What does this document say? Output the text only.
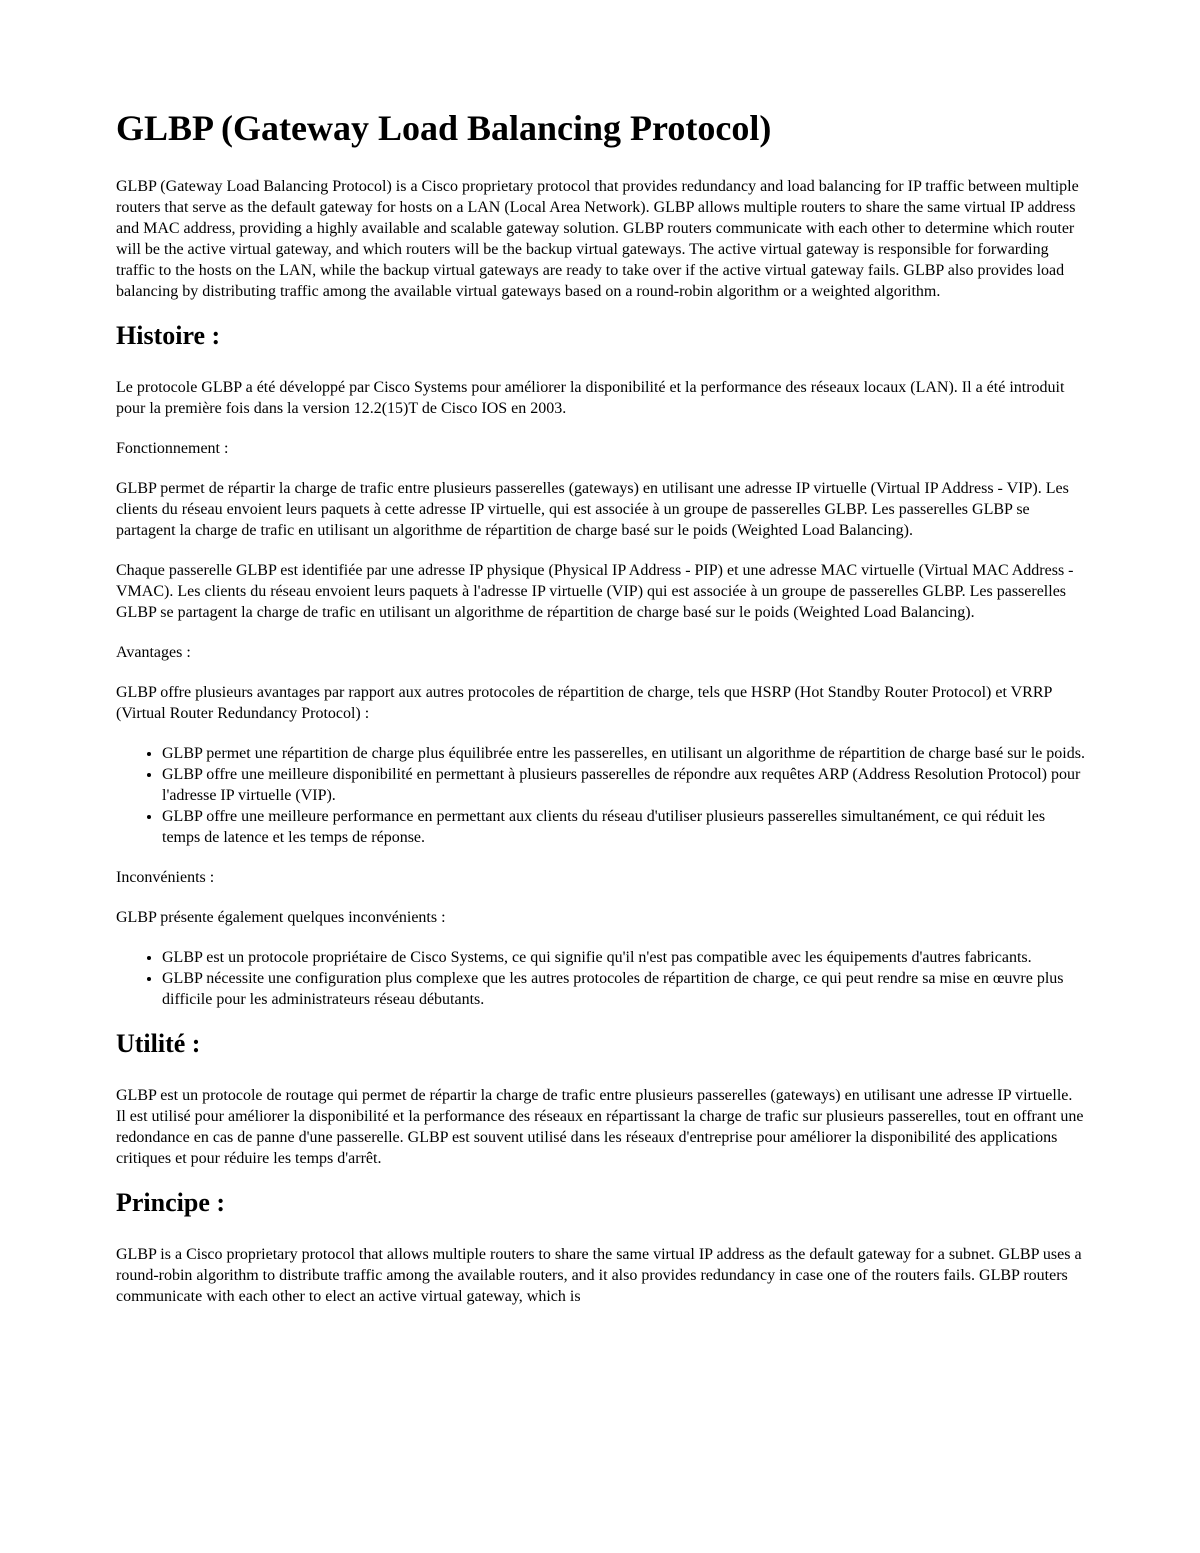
GLBP (Gateway Load Balancing Protocol)

GLBP (Gateway Load Balancing Protocol) is a Cisco proprietary protocol that provides redundancy and load balancing for IP traffic between multiple routers that serve as the default gateway for hosts on a LAN (Local Area Network). GLBP allows multiple routers to share the same virtual IP address and MAC address, providing a highly available and scalable gateway solution. GLBP routers communicate with each other to determine which router will be the active virtual gateway, and which routers will be the backup virtual gateways. The active virtual gateway is responsible for forwarding traffic to the hosts on the LAN, while the backup virtual gateways are ready to take over if the active virtual gateway fails. GLBP also provides load balancing by distributing traffic among the available virtual gateways based on a round-robin algorithm or a weighted algorithm.

Histoire :

Le protocole GLBP a été développé par Cisco Systems pour améliorer la disponibilité et la performance des réseaux locaux (LAN). Il a été introduit pour la première fois dans la version 12.2(15)T de Cisco IOS en 2003.

Fonctionnement :

GLBP permet de répartir la charge de trafic entre plusieurs passerelles (gateways) en utilisant une adresse IP virtuelle (Virtual IP Address - VIP). Les clients du réseau envoient leurs paquets à cette adresse IP virtuelle, qui est associée à un groupe de passerelles GLBP. Les passerelles GLBP se partagent la charge de trafic en utilisant un algorithme de répartition de charge basé sur le poids (Weighted Load Balancing).

Chaque passerelle GLBP est identifiée par une adresse IP physique (Physical IP Address - PIP) et une adresse MAC virtuelle (Virtual MAC Address - VMAC). Les clients du réseau envoient leurs paquets à l'adresse IP virtuelle (VIP) qui est associée à un groupe de passerelles GLBP. Les passerelles GLBP se partagent la charge de trafic en utilisant un algorithme de répartition de charge basé sur le poids (Weighted Load Balancing).

Avantages :

GLBP offre plusieurs avantages par rapport aux autres protocoles de répartition de charge, tels que HSRP (Hot Standby Router Protocol) et VRRP (Virtual Router Redundancy Protocol) :

• GLBP permet une répartition de charge plus équilibrée entre les passerelles, en utilisant un algorithme de répartition de charge basé sur le poids.
• GLBP offre une meilleure disponibilité en permettant à plusieurs passerelles de répondre aux requêtes ARP (Address Resolution Protocol) pour l'adresse IP virtuelle (VIP).
• GLBP offre une meilleure performance en permettant aux clients du réseau d'utiliser plusieurs passerelles simultanément, ce qui réduit les temps de latence et les temps de réponse.

Inconvénients :

GLBP présente également quelques inconvénients :

• GLBP est un protocole propriétaire de Cisco Systems, ce qui signifie qu'il n'est pas compatible avec les équipements d'autres fabricants.
• GLBP nécessite une configuration plus complexe que les autres protocoles de répartition de charge, ce qui peut rendre sa mise en œuvre plus difficile pour les administrateurs réseau débutants.
Utilité :

GLBP est un protocole de routage qui permet de répartir la charge de trafic entre plusieurs passerelles (gateways) en utilisant une adresse IP virtuelle. Il est utilisé pour améliorer la disponibilité et la performance des réseaux en répartissant la charge de trafic sur plusieurs passerelles, tout en offrant une redondance en cas de panne d'une passerelle. GLBP est souvent utilisé dans les réseaux d'entreprise pour améliorer la disponibilité des applications critiques et pour réduire les temps d'arrêt.

Principe :

GLBP is a Cisco proprietary protocol that allows multiple routers to share the same virtual IP address as the default gateway for a subnet. GLBP uses a round-robin algorithm to distribute traffic among the available routers, and it also provides redundancy in case one of the routers fails. GLBP routers communicate with each other to elect an active virtual gateway, which is
